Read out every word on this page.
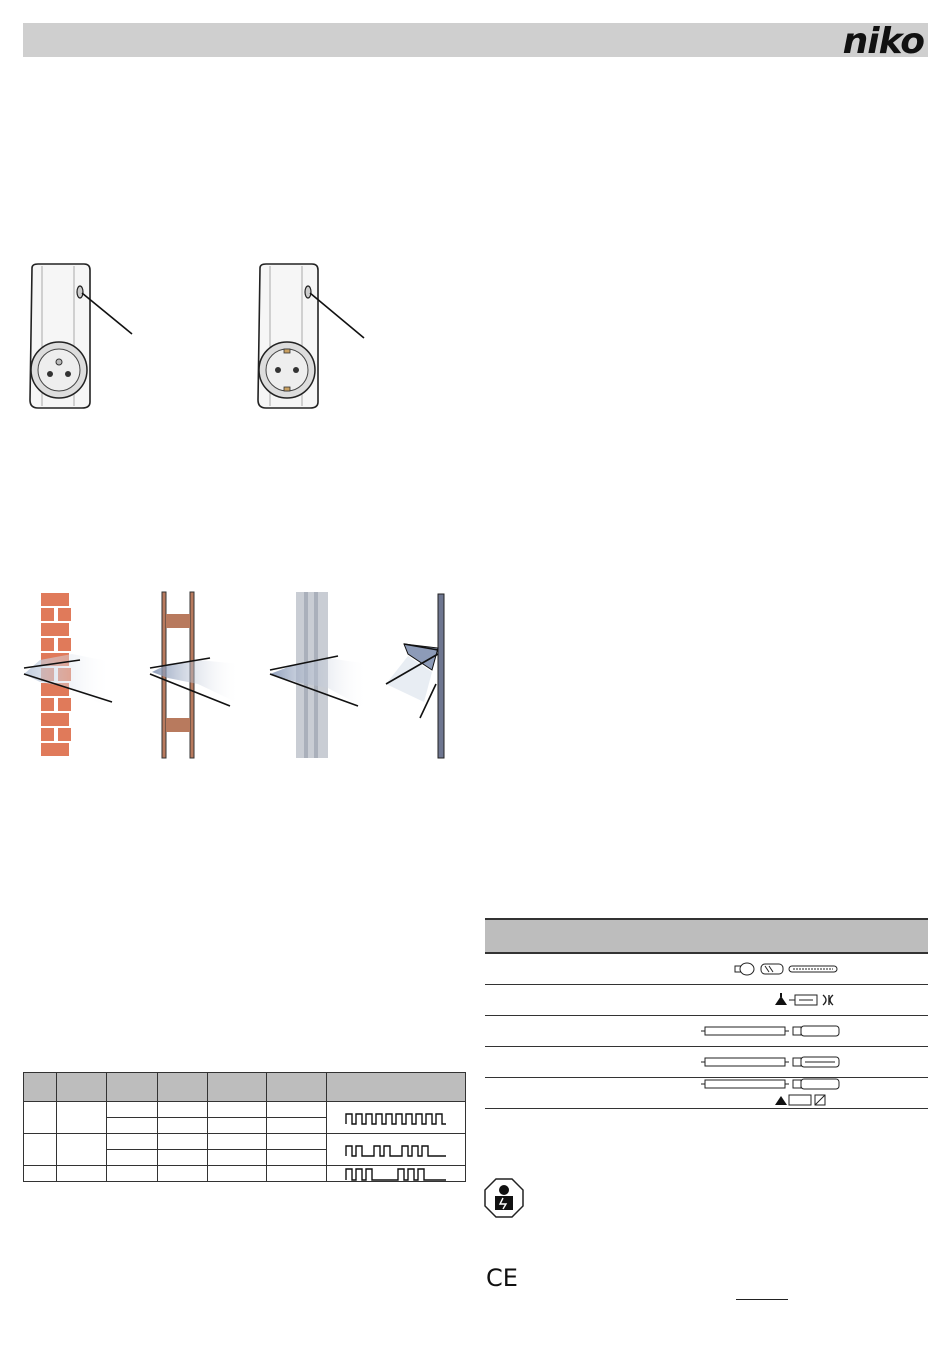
niko

CE
